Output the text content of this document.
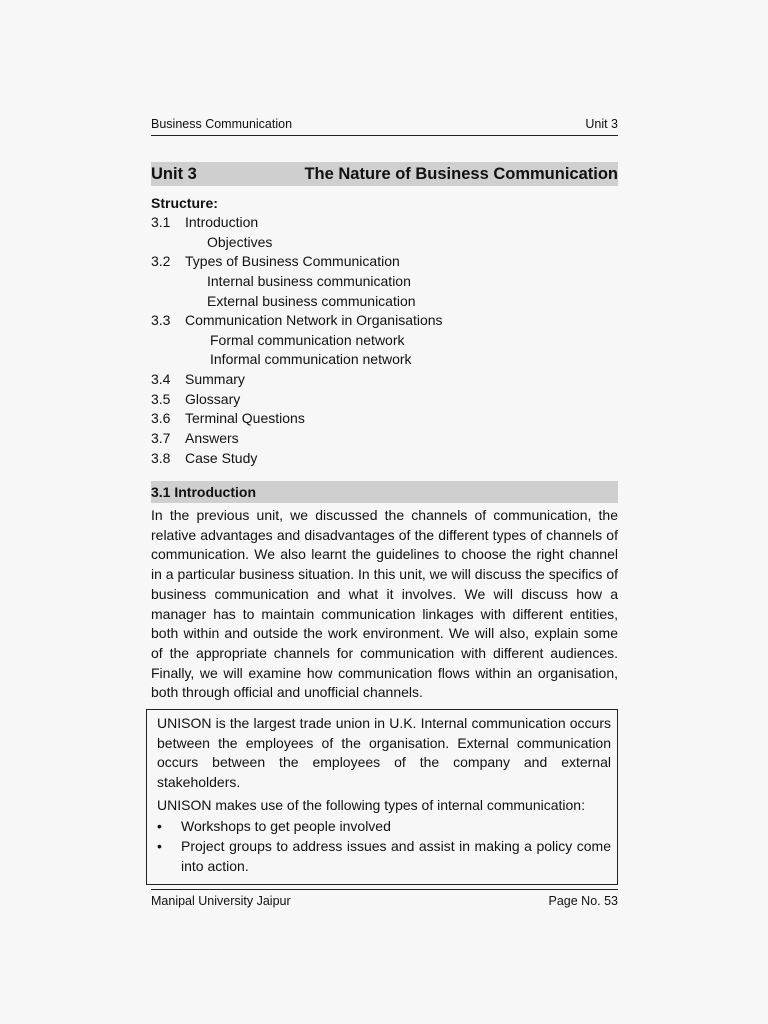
Business Communication	Unit 3
Unit 3	The Nature of Business Communication
Structure:
3.1 Introduction
Objectives
3.2 Types of Business Communication
Internal business communication
External business communication
3.3 Communication Network in Organisations
Formal communication network
Informal communication network
3.4 Summary
3.5 Glossary
3.6 Terminal Questions
3.7 Answers
3.8 Case Study
3.1 Introduction

In the previous unit, we discussed the channels of communication, the relative advantages and disadvantages of the different types of channels of communication. We also learnt the guidelines to choose the right channel in a particular business situation. In this unit, we will discuss the specifics of business communication and what it involves. We will discuss how a manager has to maintain communication linkages with different entities, both within and outside the work environment. We will also, explain some of the appropriate channels for communication with different audiences. Finally, we will examine how communication flows within an organisation, both through official and unofficial channels.

UNISON is the largest trade union in U.K. Internal communication occurs between the employees of the organisation. External communication occurs between the employees of the company and external stakeholders.

UNISON makes use of the following types of internal communication:

• Workshops to get people involved
• Project groups to address issues and assist in making a policy come into action.
Manipal University Jaipur	Page No. 53
